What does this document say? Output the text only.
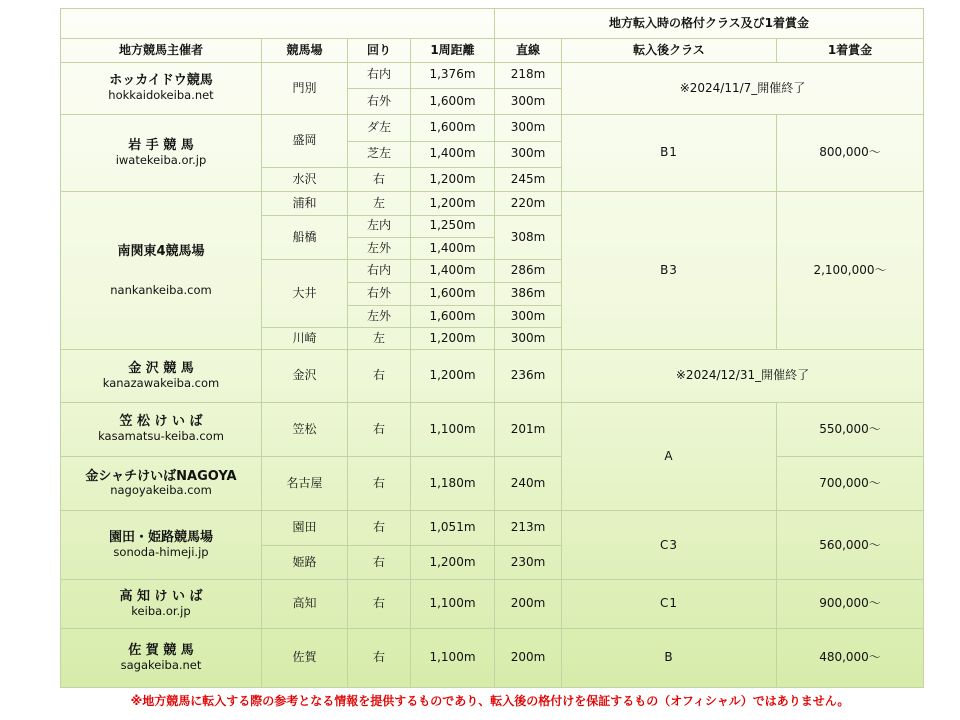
				地方転入時の格付クラス及び1着賞金		
地方競馬主催者	競馬場	回り	1周距離	直線	転入後クラス	1着賞金

ホッカイドウ競馬
hokkaidokeiba.net	門別	右内	1,376m	218m	※2024/11/7_開催終了	
		右外	1,600m	300m		

岩 手 競 馬
iwatekeiba.or.jp	盛岡	ダ左	1,600m	300m	B1	800,000～
		芝左	1,400m	300m		
	水沢	右	1,200m	245m		

南関東4競馬場
nankankeiba.com	浦和	左	1,200m	220m	B3	2,100,000～
	船橋	左内	1,250m	308m		
		左外	1,400m			
	大井	右内	1,400m	286m		
		右外	1,600m	386m		
		左外	1,600m	300m		
	川崎	左	1,200m	300m		

金 沢 競 馬
kanazawakeiba.com	金沢	右	1,200m	236m	※2024/12/31_開催終了	

笠 松 け い ば
kasamatsu-keiba.com	笠松	右	1,100m	201m	A	550,000～

金シャチけいばNAGOYA
nagoyakeiba.com	名古屋	右	1,180m	240m		700,000～

園田・姫路競馬場
sonoda-himeji.jp	園田	右	1,051m	213m	C3	560,000～
	姫路	右	1,200m	230m		

高 知 け い ば
keiba.or.jp	高知	右	1,100m	200m	C1	900,000～

佐 賀 競 馬
sagakeiba.net	佐賀	右	1,100m	200m	B	480,000～
※地方競馬に転入する際の参考となる情報を提供するものであり、転入後の格付けを保証するもの（オフィシャル）ではありません。
